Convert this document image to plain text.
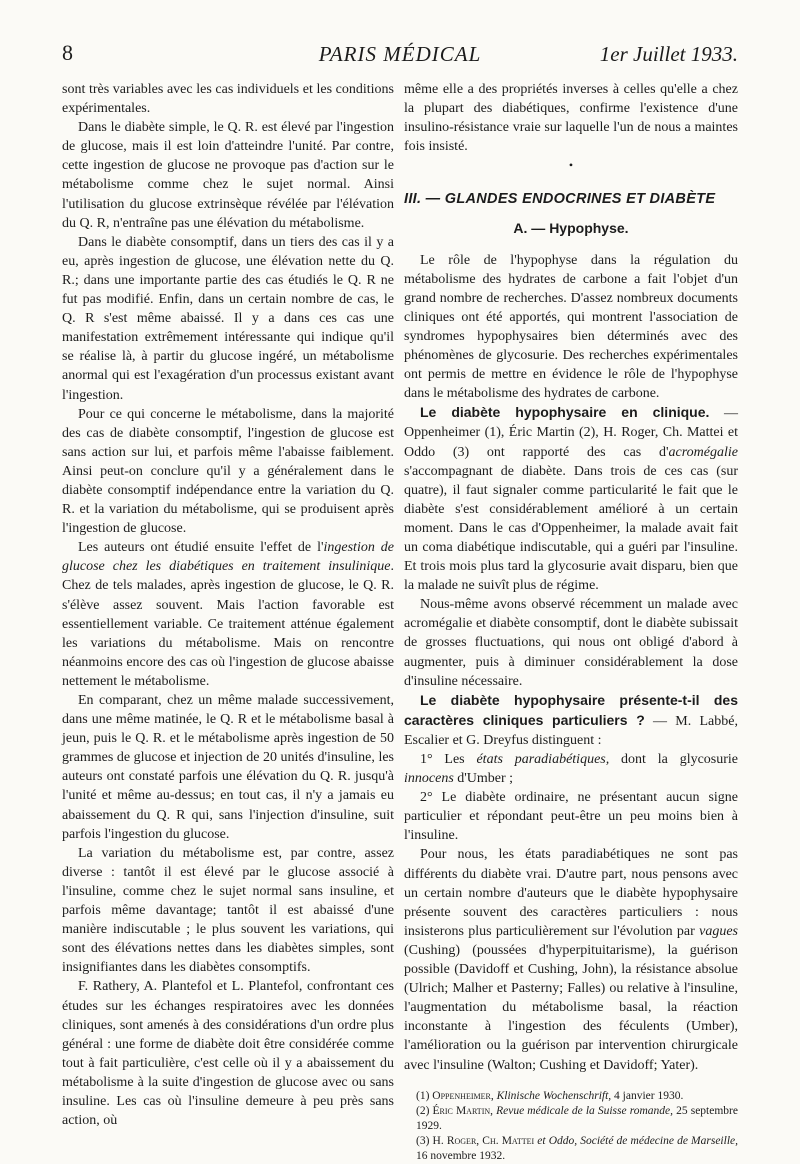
8	PARIS MÉDICAL	1er Juillet 1933.

sont très variables avec les cas individuels et les conditions expérimentales.

Dans le diabète simple, le Q. R. est élevé par l'ingestion de glucose, mais il est loin d'atteindre l'unité. Par contre, cette ingestion de glucose ne provoque pas d'action sur le métabolisme comme chez le sujet normal. Ainsi l'utilisation du glucose extrinsèque révélée par l'élévation du Q. R, n'entraîne pas une élévation du métabolisme.

Dans le diabète consomptif, dans un tiers des cas il y a eu, après ingestion de glucose, une élévation nette du Q. R.; dans une importante partie des cas étudiés le Q. R ne fut pas modifié. Enfin, dans un certain nombre de cas, le Q. R s'est même abaissé. Il y a dans ces cas une manifestation extrêmement intéressante qui indique qu'il se réalise là, à partir du glucose ingéré, un métabolisme anormal qui est l'exagération d'un processus existant avant l'ingestion.

Pour ce qui concerne le métabolisme, dans la majorité des cas de diabète consomptif, l'ingestion de glucose est sans action sur lui, et parfois même l'abaisse faiblement. Ainsi peut-on conclure qu'il y a généralement dans le diabète consomptif indépendance entre la variation du Q. R. et la variation du métabolisme, qui se produisent après l'ingestion de glucose.

Les auteurs ont étudié ensuite l'effet de l'ingestion de glucose chez les diabétiques en traitement insulinique. Chez de tels malades, après ingestion de glucose, le Q. R. s'élève assez souvent. Mais l'action favorable est essentiellement variable. Ce traitement atténue également les variations du métabolisme. Mais on rencontre néanmoins encore des cas où l'ingestion de glucose abaisse nettement le métabolisme.

En comparant, chez un même malade successivement, dans une même matinée, le Q. R et le métabolisme basal à jeun, puis le Q. R. et le métabolisme après ingestion de 50 grammes de glucose et injection de 20 unités d'insuline, les auteurs ont constaté parfois une élévation du Q. R. jusqu'à l'unité et même au-dessus; en tout cas, il n'y a jamais eu abaissement du Q. R qui, sans l'injection d'insuline, suit parfois l'ingestion du glucose.

La variation du métabolisme est, par contre, assez diverse : tantôt il est élevé par le glucose associé à l'insuline, comme chez le sujet normal sans insuline, et parfois même davantage; tantôt il est abaissé d'une manière indiscutable ; le plus souvent les variations, qui sont des élévations nettes dans les diabètes simples, sont insignifiantes dans les diabètes consomptifs.

F. Rathery, A. Plantefol et L. Plantefol, confrontant ces études sur les échanges respiratoires avec les données cliniques, sont amenés à des considérations d'un ordre plus général : une forme de diabète doit être considérée comme tout à fait particulière, c'est celle où il y a abaissement du métabolisme à la suite d'ingestion de glucose avec ou sans insuline. Les cas où l'insuline demeure à peu près sans action, où

même elle a des propriétés inverses à celles qu'elle a chez la plupart des diabétiques, confirme l'existence d'une insulino-résistance vraie sur laquelle l'un de nous a maintes fois insisté.

•
III. — GLANDES ENDOCRINES ET DIABÈTE
A. — Hypophyse.

Le rôle de l'hypophyse dans la régulation du métabolisme des hydrates de carbone a fait l'objet d'un grand nombre de recherches. D'assez nombreux documents cliniques ont été apportés, qui montrent l'association de syndromes hypophysaires bien déterminés avec des phénomènes de glycosurie. Des recherches expérimentales ont permis de mettre en évidence le rôle de l'hypophyse dans le métabolisme des hydrates de carbone.

Le diabète hypophysaire en clinique. — Oppenheimer (1), Éric Martin (2), H. Roger, Ch. Mattei et Oddo (3) ont rapporté des cas d'acromégalie s'accompagnant de diabète. Dans trois de ces cas (sur quatre), il faut signaler comme particularité le fait que le diabète s'est considérablement amélioré à un certain moment. Dans le cas d'Oppenheimer, la malade avait fait un coma diabétique indiscutable, qui a guéri par l'insuline. Et trois mois plus tard la glycosurie avait disparu, bien que la malade ne suivît plus de régime.

Nous-même avons observé récemment un malade avec acromégalie et diabète consomptif, dont le diabète subissait de grosses fluctuations, qui nous ont obligé d'abord à augmenter, puis à diminuer considérablement la dose d'insuline nécessaire.

Le diabète hypophysaire présente-t-il des caractères cliniques particuliers ? — M. Labbé, Escalier et G. Dreyfus distinguent :

1° Les états paradiabétiques, dont la glycosurie innocens d'Umber ;

2° Le diabète ordinaire, ne présentant aucun signe particulier et répondant peut-être un peu moins bien à l'insuline.

Pour nous, les états paradiabétiques ne sont pas différents du diabète vrai. D'autre part, nous pensons avec un certain nombre d'auteurs que le diabète hypophysaire présente souvent des caractères particuliers : nous insisterons plus particulièrement sur l'évolution par vagues (Cushing) (poussées d'hyperpituitarisme), la guérison possible (Davidoff et Cushing, John), la résistance absolue (Ulrich; Malher et Pasterny; Falles) ou relative à l'insuline, l'augmentation du métabolisme basal, la réaction inconstante à l'ingestion des féculents (Umber), l'amélioration ou la guérison par intervention chirurgicale avec l'insuline (Walton; Cushing et Davidoff; Yater).

(1) Oppenheimer, Klinische Wochenschrift, 4 janvier 1930.

(2) Éric Martin, Revue médicale de la Suisse romande, 25 septembre 1929.

(3) H. Roger, Ch. Mattei et Oddo, Société de médecine de Marseille, 16 novembre 1932.
